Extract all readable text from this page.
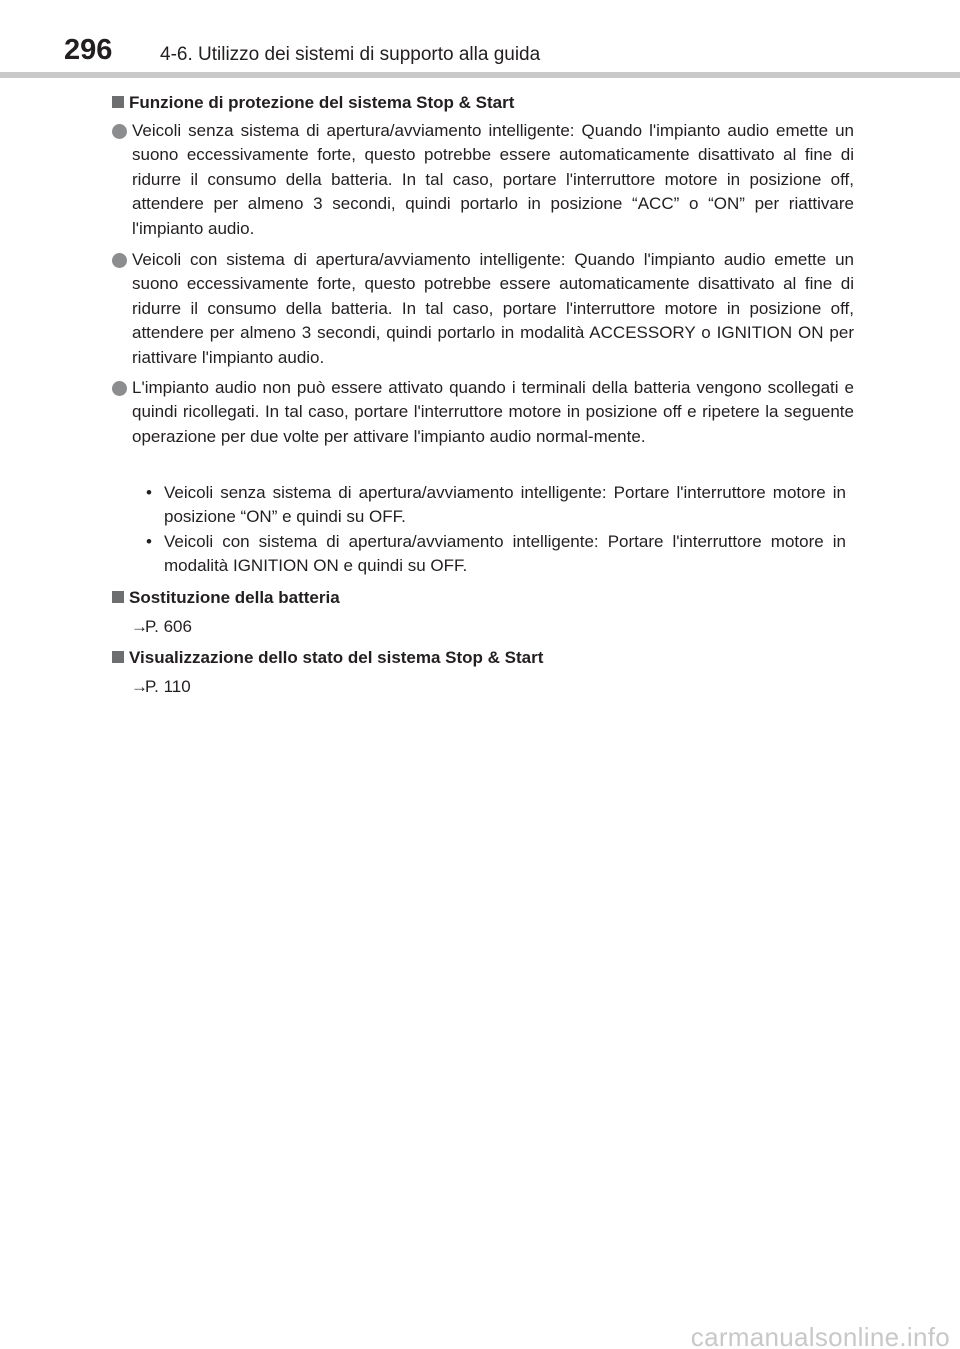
296	4-6. Utilizzo dei sistemi di supporto alla guida
Funzione di protezione del sistema Stop & Start
Veicoli senza sistema di apertura/avviamento intelligente: Quando l'impianto audio emette un suono eccessivamente forte, questo potrebbe essere automaticamente disattivato al fine di ridurre il consumo della batteria. In tal caso, portare l'interruttore motore in posizione off, attendere per almeno 3 secondi, quindi portarlo in posizione “ACC” o “ON” per riattivare l'impianto audio.
Veicoli con sistema di apertura/avviamento intelligente: Quando l'impianto audio emette un suono eccessivamente forte, questo potrebbe essere automaticamente disattivato al fine di ridurre il consumo della batteria. In tal caso, portare l'interruttore motore in posizione off, attendere per almeno 3 secondi, quindi portarlo in modalità ACCESSORY o IGNITION ON per riattivare l'impianto audio.
L'impianto audio non può essere attivato quando i terminali della batteria vengono scollegati e quindi ricollegati. In tal caso, portare l'interruttore motore in posizione off e ripetere la seguente operazione per due volte per attivare l'impianto audio normal-mente.
• Veicoli senza sistema di apertura/avviamento intelligente: Portare l'interruttore motore in posizione “ON” e quindi su OFF.
• Veicoli con sistema di apertura/avviamento intelligente: Portare l'interruttore motore in modalità IGNITION ON e quindi su OFF.
Sostituzione della batteria
→P. 606
Visualizzazione dello stato del sistema Stop & Start
→P. 110
carmanualsonline.info
